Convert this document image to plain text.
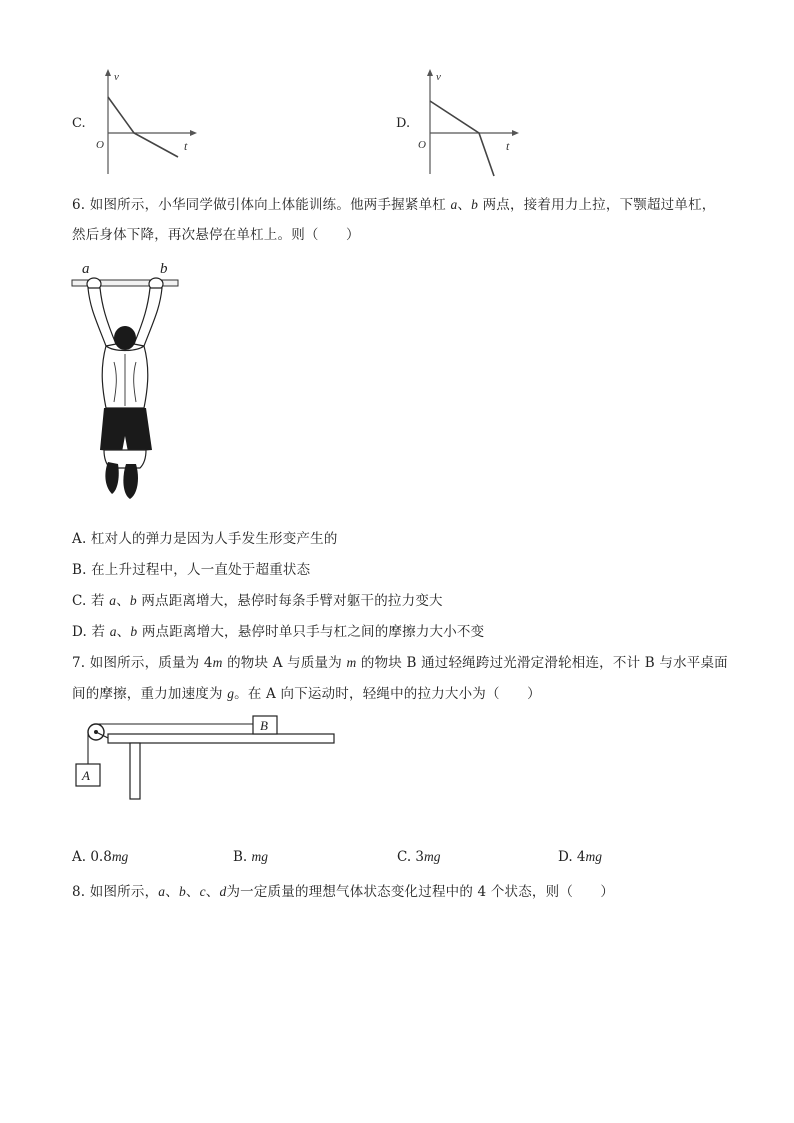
C.
v
t
O
D.
v
t
O
6. 如图所示，小华同学做引体向上体能训练。他两手握紧单杠 a、b 两点，接着用力上拉，下颚超过单杠，
然后身体下降，再次悬停在单杠上。则（　　）
a	b
A. 杠对人的弹力是因为人手发生形变产生的
B. 在上升过程中，人一直处于超重状态
C. 若 a、b 两点距离增大，悬停时每条手臂对躯干的拉力变大
D. 若 a、b 两点距离增大，悬停时单只手与杠之间的摩擦力大小不变
7. 如图所示，质量为 4m 的物块 A 与质量为 m 的物块 B 通过轻绳跨过光滑定滑轮相连，不计 B 与水平桌面
间的摩擦，重力加速度为 g。在 A 向下运动时，轻绳中的拉力大小为（　　）
B
A
A. 0.8mg	B. mg	C. 3mg	D. 4mg
8. 如图所示，a、b、c、d为一定质量的理想气体状态变化过程中的 4 个状态，则（　　）
